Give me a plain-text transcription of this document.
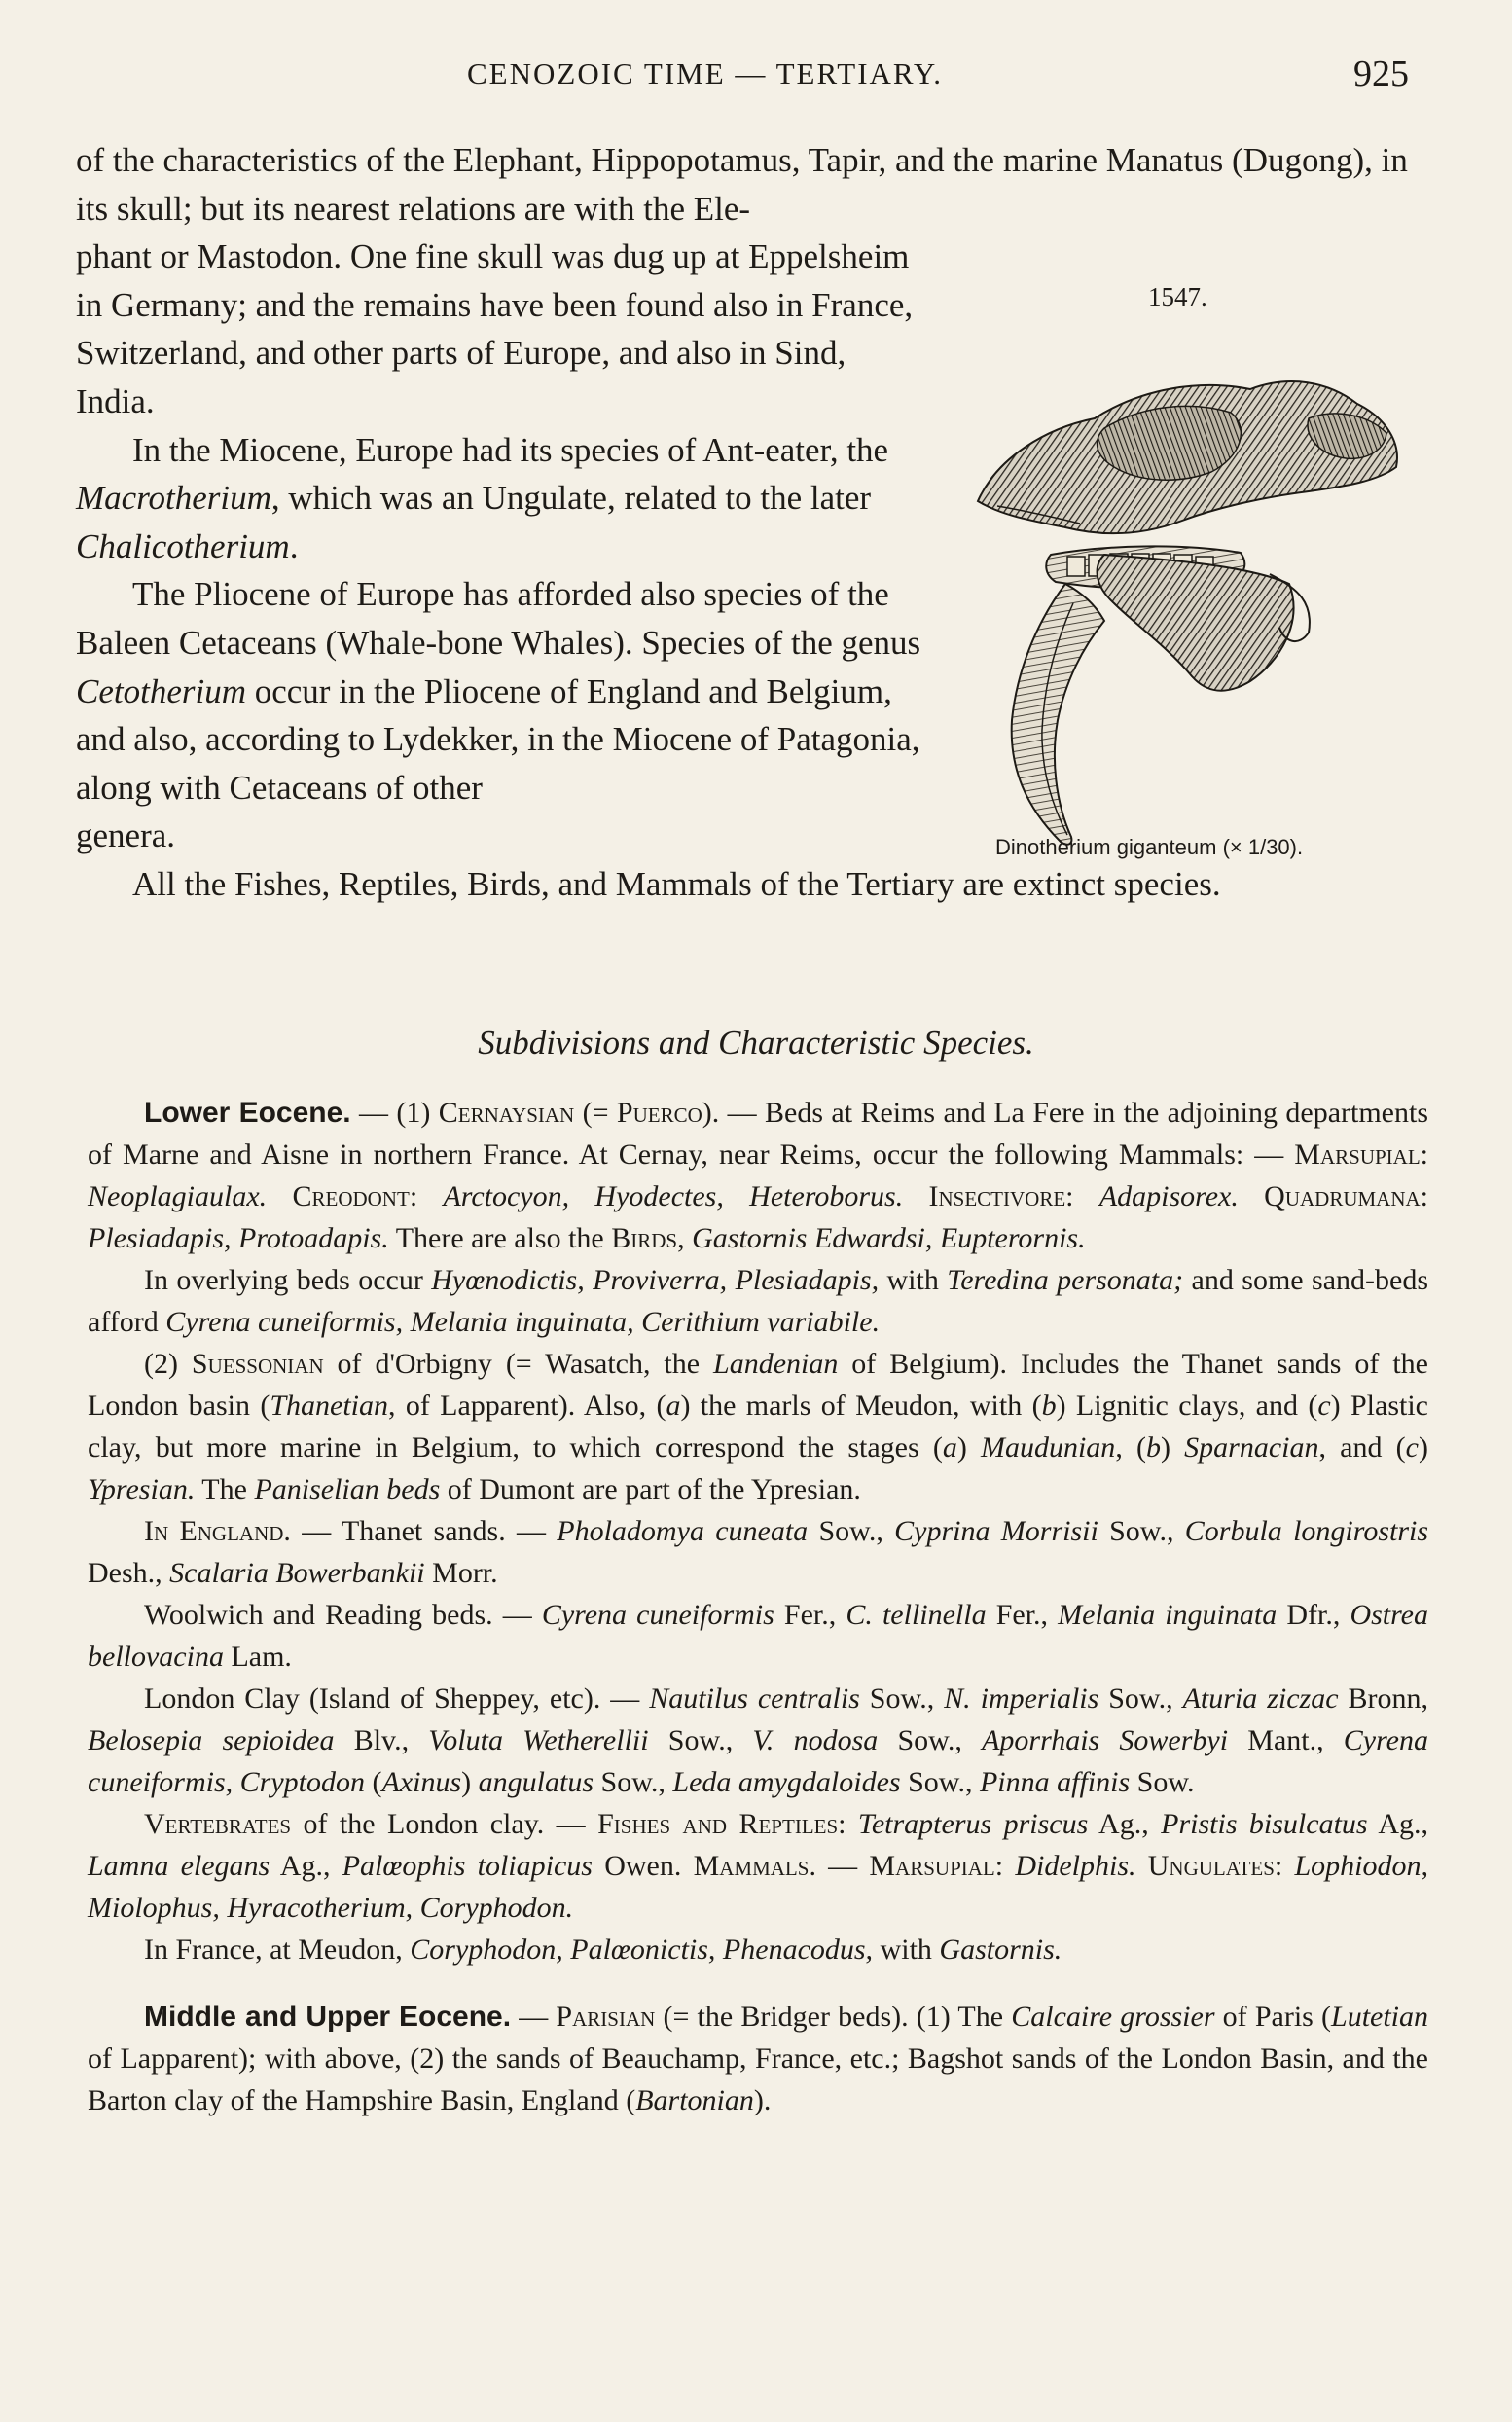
CENOZOIC TIME — TERTIARY.	925
1547.
Dinotherium giganteum (× 1/30).

of the characteristics of the Elephant, Hippopotamus, Tapir, and the marine Manatus (Dugong), in its skull; but its nearest relations are with the Ele-

phant or Mastodon. One fine skull was dug up at Eppelsheim in Germany; and the remains have been found also in France, Switzerland, and other parts of Europe, and also in Sind, India.

In the Miocene, Europe had its species of Ant-eater, the Macrotherium, which was an Ungulate, related to the later Chalicotherium.

The Pliocene of Europe has afforded also species of the Baleen Cetaceans (Whale-bone Whales). Species of the genus Cetotherium occur in the Pliocene of England and Belgium, and also, according to Lydekker, in the Miocene of Patagonia, along with Cetaceans of other

genera.

All the Fishes, Reptiles, Birds, and Mammals of the Tertiary are extinct species.

Subdivisions and Characteristic Species.

Lower Eocene. — (1) Cernaysian (= Puerco). — Beds at Reims and La Fere in the adjoining departments of Marne and Aisne in northern France. At Cernay, near Reims, occur the following Mammals: — Marsupial: Neoplagiaulax. Creodont: Arctocyon, Hyodectes, Heteroborus. Insectivore: Adapisorex. Quadrumana: Plesiadapis, Protoadapis. There are also the Birds, Gastornis Edwardsi, Eupterornis.

In overlying beds occur Hyœnodictis, Proviverra, Plesiadapis, with Teredina personata; and some sand-beds afford Cyrena cuneiformis, Melania inguinata, Cerithium variabile.

(2) Suessonian of d'Orbigny (= Wasatch, the Landenian of Belgium). Includes the Thanet sands of the London basin (Thanetian, of Lapparent). Also, (a) the marls of Meudon, with (b) Lignitic clays, and (c) Plastic clay, but more marine in Belgium, to which correspond the stages (a) Maudunian, (b) Sparnacian, and (c) Ypresian. The Paniselian beds of Dumont are part of the Ypresian.

In England. — Thanet sands. — Pholadomya cuneata Sow., Cyprina Morrisii Sow., Corbula longirostris Desh., Scalaria Bowerbankii Morr.

Woolwich and Reading beds. — Cyrena cuneiformis Fer., C. tellinella Fer., Melania inguinata Dfr., Ostrea bellovacina Lam.

London Clay (Island of Sheppey, etc). — Nautilus centralis Sow., N. imperialis Sow., Aturia ziczac Bronn, Belosepia sepioidea Blv., Voluta Wetherellii Sow., V. nodosa Sow., Aporrhais Sowerbyi Mant., Cyrena cuneiformis, Cryptodon (Axinus) angulatus Sow., Leda amygdaloides Sow., Pinna affinis Sow.

Vertebrates of the London clay. — Fishes and Reptiles: Tetrapterus priscus Ag., Pristis bisulcatus Ag., Lamna elegans Ag., Palœophis toliapicus Owen. Mammals. — Marsupial: Didelphis. Ungulates: Lophiodon, Miolophus, Hyracotherium, Coryphodon.

In France, at Meudon, Coryphodon, Palœonictis, Phenacodus, with Gastornis.

Middle and Upper Eocene. — Parisian (= the Bridger beds). (1) The Calcaire grossier of Paris (Lutetian of Lapparent); with above, (2) the sands of Beauchamp, France, etc.; Bagshot sands of the London Basin, and the Barton clay of the Hampshire Basin, England (Bartonian).
